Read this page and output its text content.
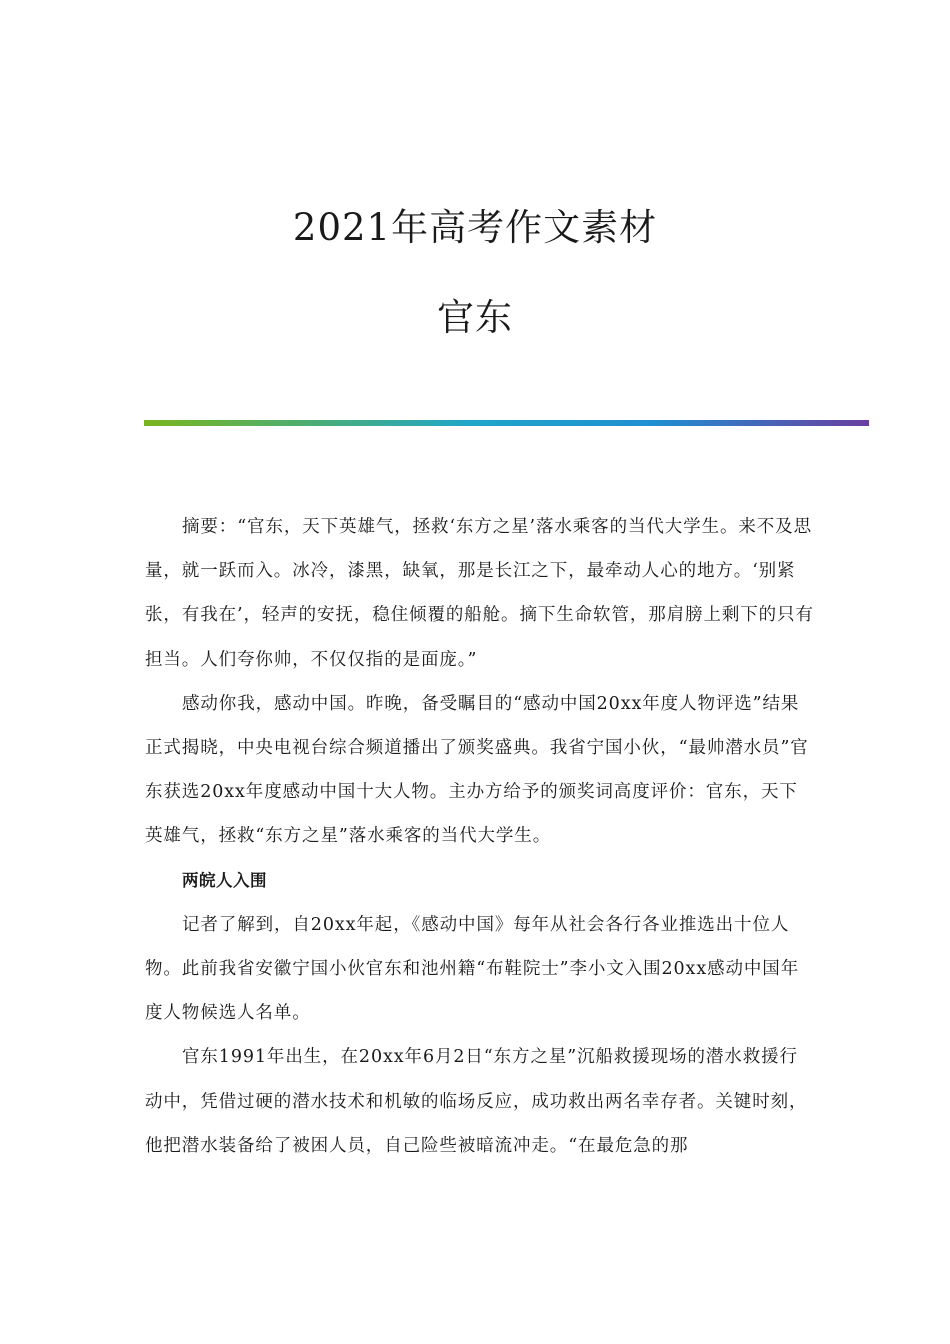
2021年高考作文素材
官东

摘要：“官东，天下英雄气，拯救‘东方之星’落水乘客的当代大学生。来不及思量，就一跃而入。冰冷，漆黑，缺氧，那是长江之下，最牵动人心的地方。‘别紧张，有我在’，轻声的安抚，稳住倾覆的船舱。摘下生命软管，那肩膀上剩下的只有担当。人们夸你帅，不仅仅指的是面庞。”

感动你我，感动中国。昨晚，备受瞩目的“感动中国20xx年度人物评选”结果正式揭晓，中央电视台综合频道播出了颁奖盛典。我省宁国小伙，“最帅潜水员”官东获选20xx年度感动中国十大人物。主办方给予的颁奖词高度评价：官东，天下英雄气，拯救“东方之星”落水乘客的当代大学生。

两皖人入围

记者了解到，自20xx年起，《感动中国》每年从社会各行各业推选出十位人物。此前我省安徽宁国小伙官东和池州籍“布鞋院士”李小文入围20xx感动中国年度人物候选人名单。

官东1991年出生，在20xx年6月2日“东方之星”沉船救援现场的潜水救援行动中，凭借过硬的潜水技术和机敏的临场反应，成功救出两名幸存者。关键时刻，他把潜水装备给了被困人员，自己险些被暗流冲走。“在最危急的那
